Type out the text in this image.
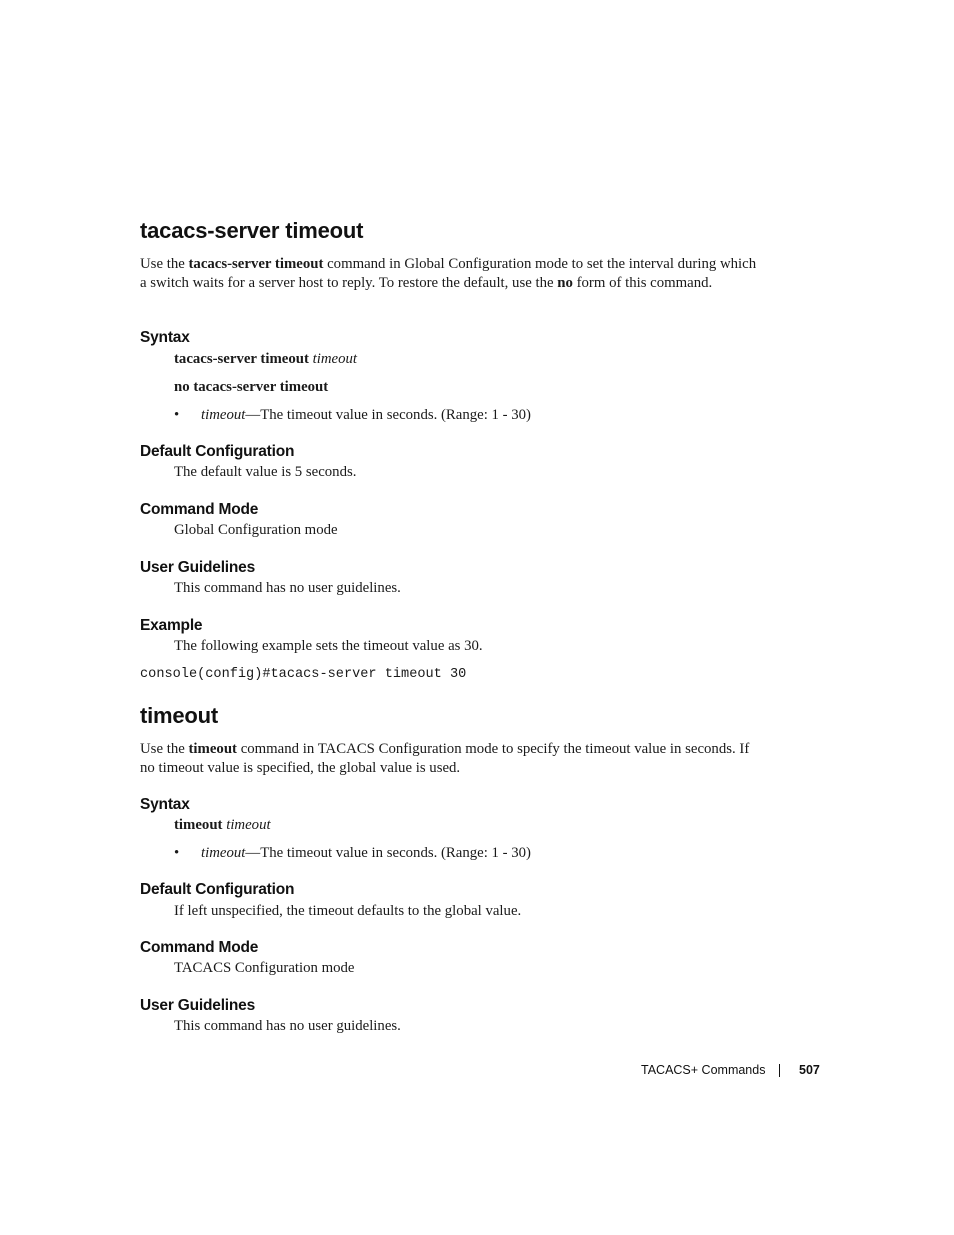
tacacs-server timeout
Use the tacacs-server timeout command in Global Configuration mode to set the interval during which a switch waits for a server host to reply. To restore the default, use the no form of this command.
Syntax
tacacs-server timeout timeout
no tacacs-server timeout
• timeout—The timeout value in seconds. (Range: 1 - 30)
Default Configuration
The default value is 5 seconds.
Command Mode
Global Configuration mode
User Guidelines
This command has no user guidelines.
Example
The following example sets the timeout value as 30.
console(config)#tacacs-server timeout 30
timeout
Use the timeout command in TACACS Configuration mode to specify the timeout value in seconds. If no timeout value is specified, the global value is used.
Syntax
timeout timeout
• timeout—The timeout value in seconds. (Range: 1 - 30)
Default Configuration
If left unspecified, the timeout defaults to the global value.
Command Mode
TACACS Configuration mode
User Guidelines
This command has no user guidelines.
TACACS+ Commands	507
